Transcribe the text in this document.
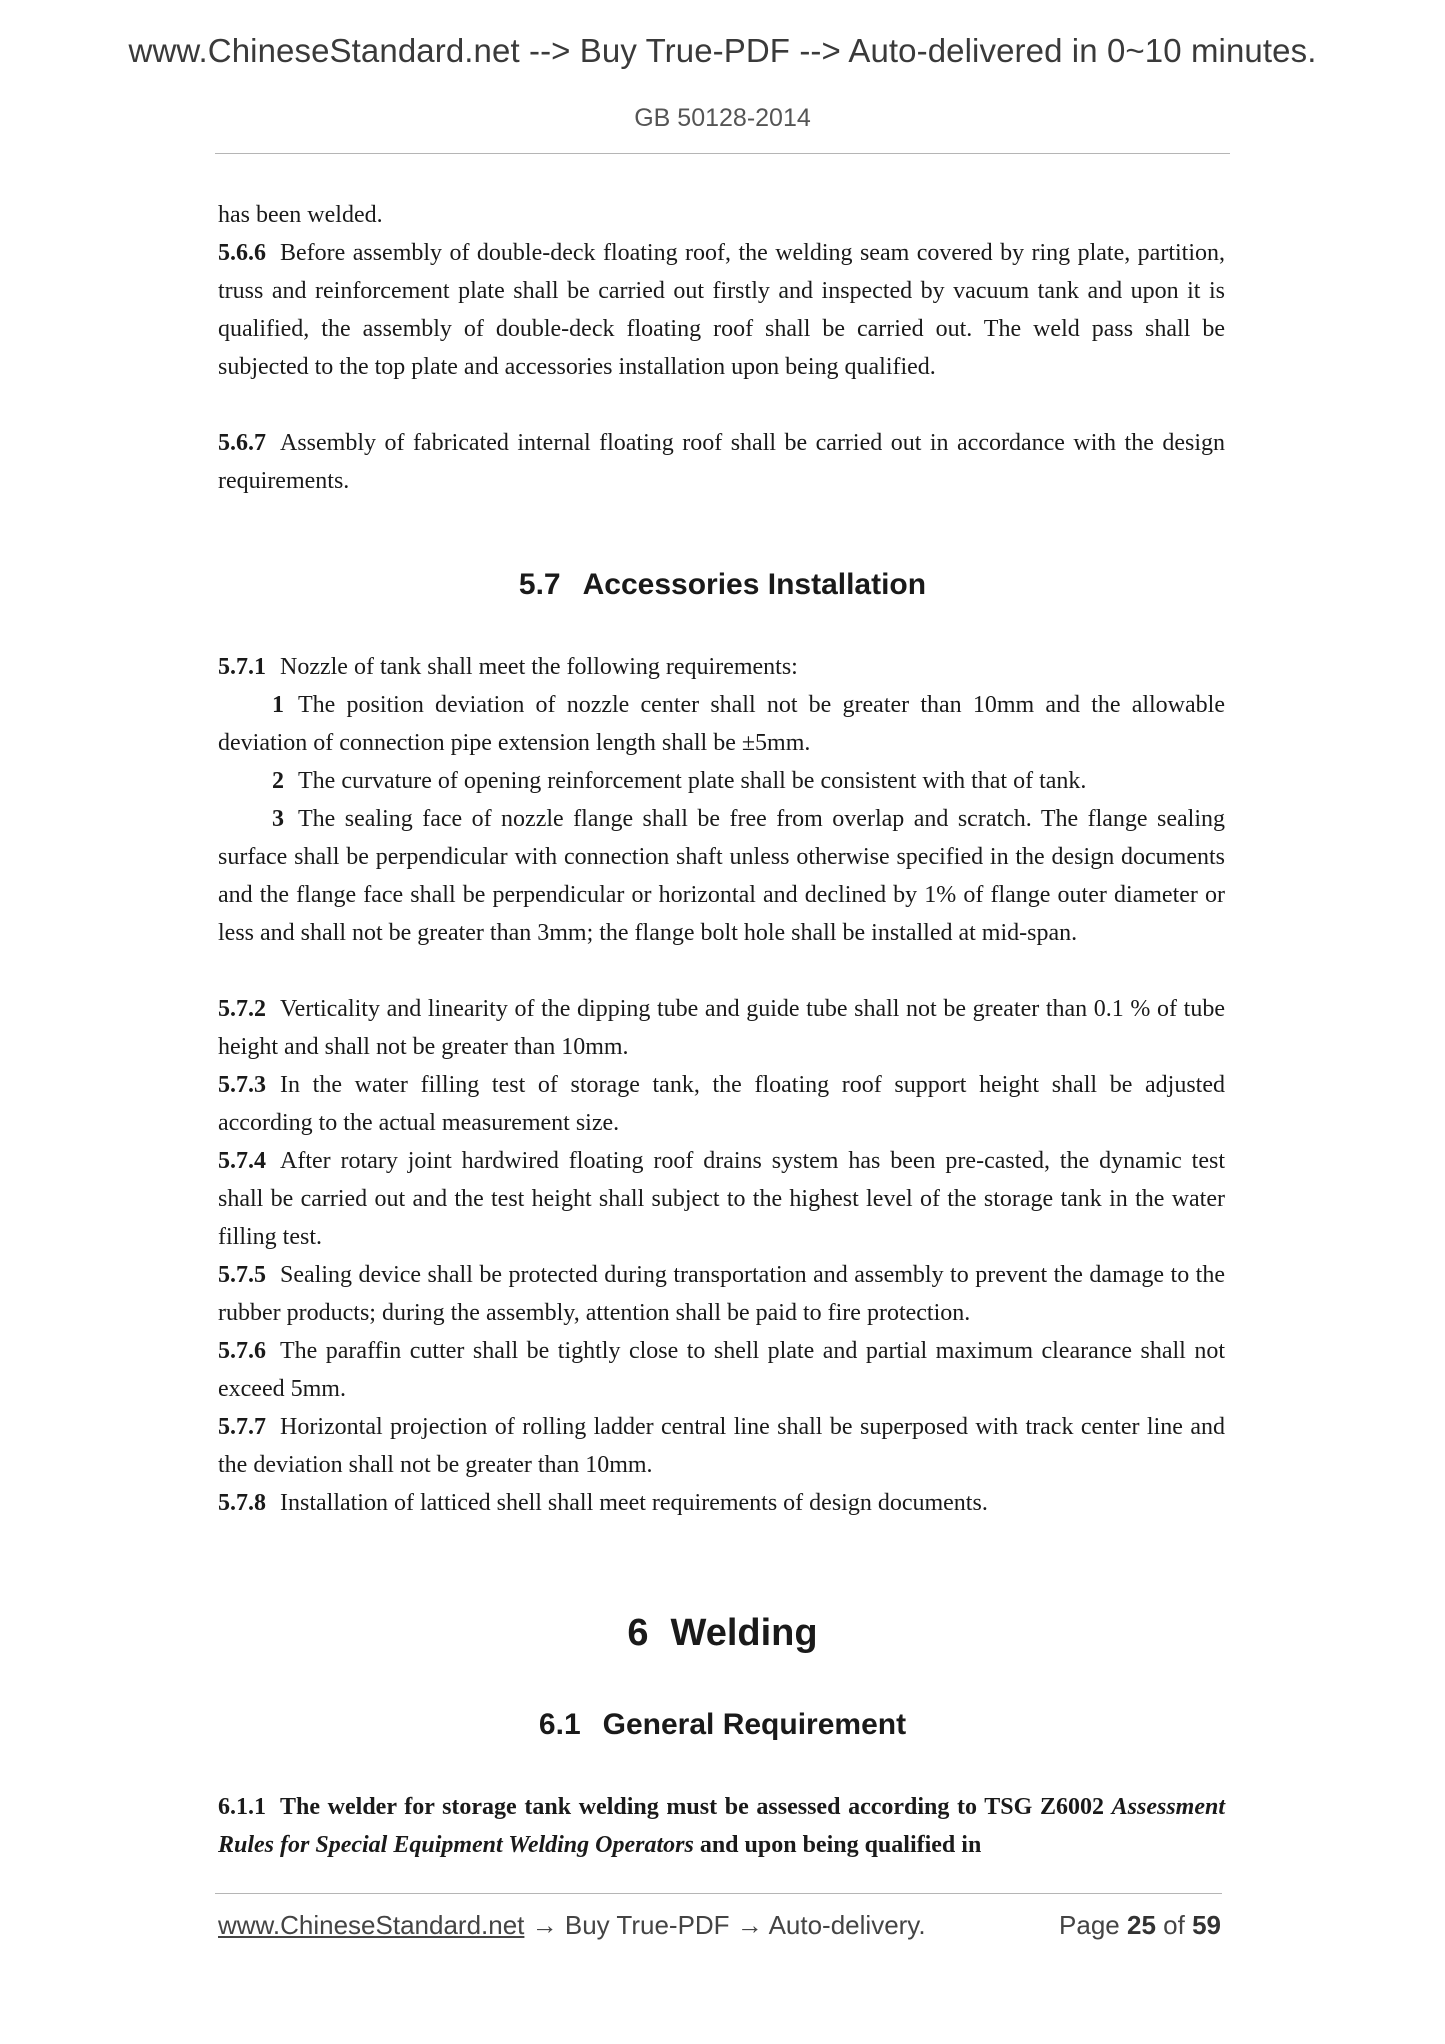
www.ChineseStandard.net --> Buy True-PDF --> Auto-delivered in 0~10 minutes.
GB 50128-2014

has been welded.

5.6.6 Before assembly of double-deck floating roof, the welding seam covered by ring plate, partition, truss and reinforcement plate shall be carried out firstly and inspected by vacuum tank and upon it is qualified, the assembly of double-deck floating roof shall be carried out. The weld pass shall be subjected to the top plate and accessories installation upon being qualified.

5.6.7 Assembly of fabricated internal floating roof shall be carried out in accordance with the design requirements.

5.7 Accessories Installation

5.7.1 Nozzle of tank shall meet the following requirements:

1 The position deviation of nozzle center shall not be greater than 10mm and the allowable deviation of connection pipe extension length shall be ±5mm.

2 The curvature of opening reinforcement plate shall be consistent with that of tank.

3 The sealing face of nozzle flange shall be free from overlap and scratch. The flange sealing surface shall be perpendicular with connection shaft unless otherwise specified in the design documents and the flange face shall be perpendicular or horizontal and declined by 1% of flange outer diameter or less and shall not be greater than 3mm; the flange bolt hole shall be installed at mid-span.

5.7.2 Verticality and linearity of the dipping tube and guide tube shall not be greater than 0.1 % of tube height and shall not be greater than 10mm.

5.7.3 In the water filling test of storage tank, the floating roof support height shall be adjusted according to the actual measurement size.

5.7.4 After rotary joint hardwired floating roof drains system has been pre-casted, the dynamic test shall be carried out and the test height shall subject to the highest level of the storage tank in the water filling test.

5.7.5 Sealing device shall be protected during transportation and assembly to prevent the damage to the rubber products; during the assembly, attention shall be paid to fire protection.

5.7.6 The paraffin cutter shall be tightly close to shell plate and partial maximum clearance shall not exceed 5mm.

5.7.7 Horizontal projection of rolling ladder central line shall be superposed with track center line and the deviation shall not be greater than 10mm.

5.7.8 Installation of latticed shell shall meet requirements of design documents.

6 Welding
6.1 General Requirement

6.1.1 The welder for storage tank welding must be assessed according to TSG Z6002 Assessment Rules for Special Equipment Welding Operators and upon being qualified in

www.ChineseStandard.net → Buy True-PDF → Auto-delivery.	Page 25 of 59
